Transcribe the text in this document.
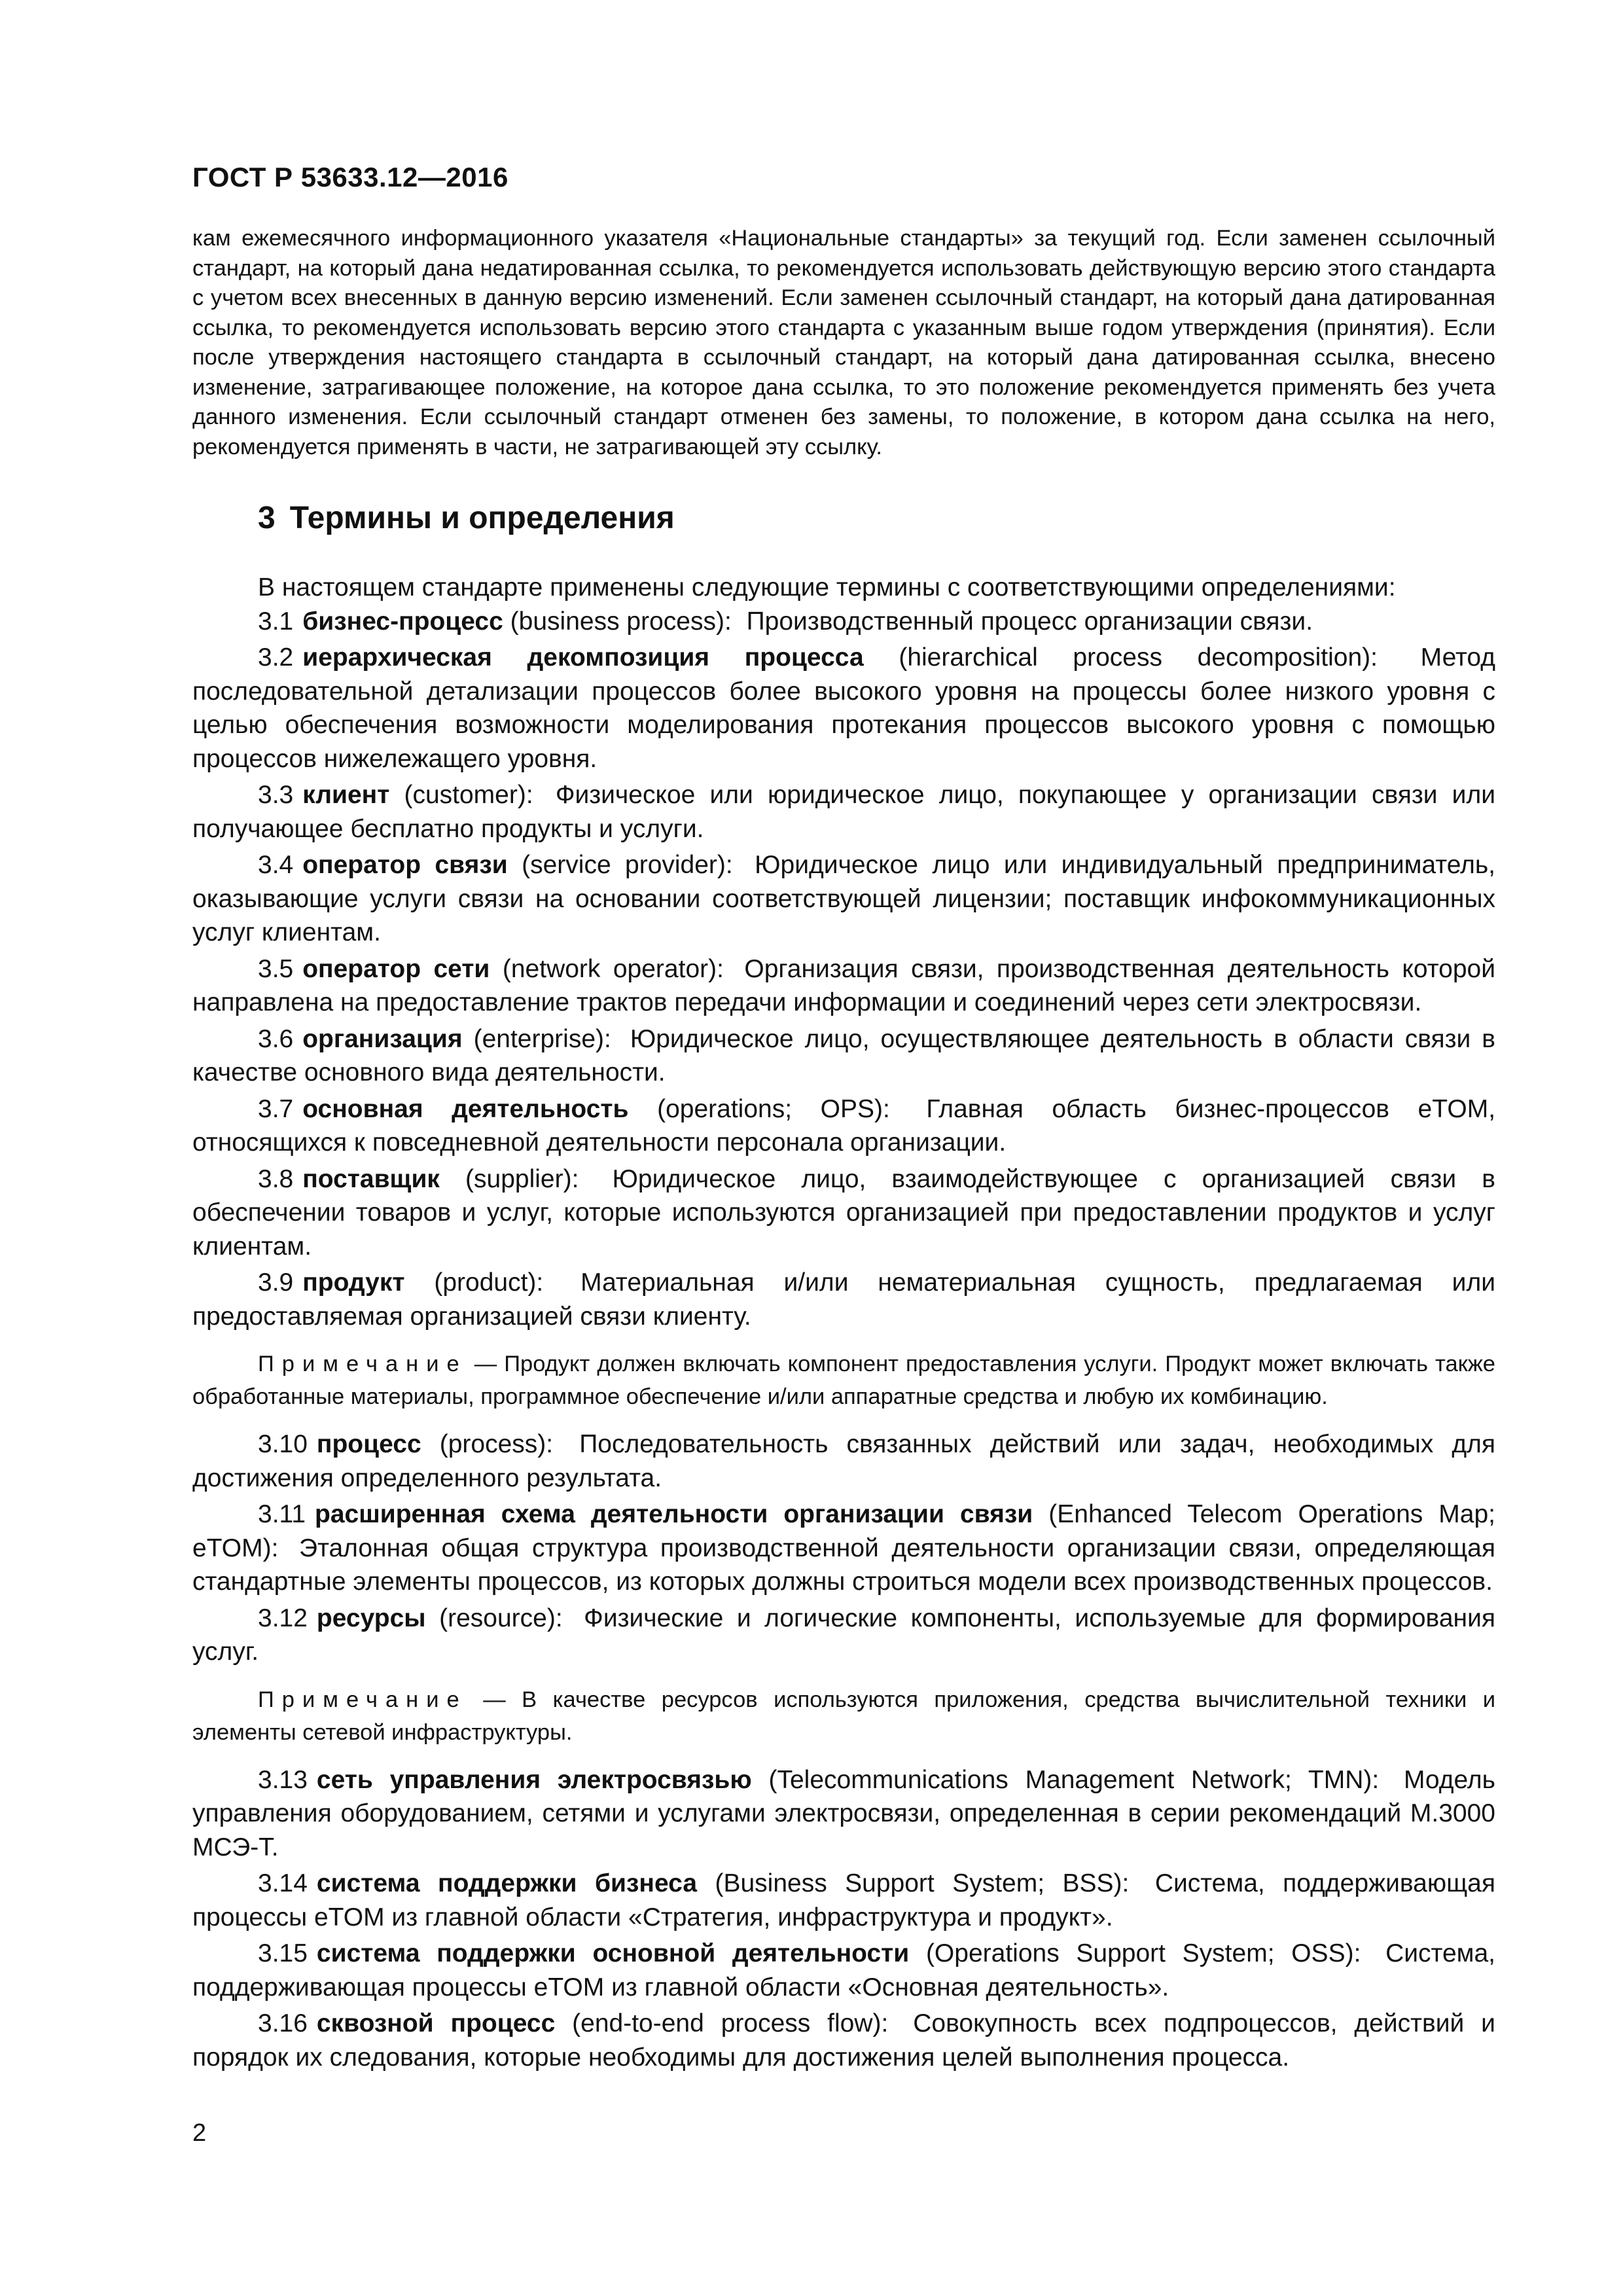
ГОСТ Р 53633.12—2016

кам ежемесячного информационного указателя «Национальные стандарты» за текущий год. Если заменен ссылочный стандарт, на который дана недатированная ссылка, то рекомендуется использовать действующую версию этого стандарта с учетом всех внесенных в данную версию изменений. Если заменен ссылочный стандарт, на который дана датированная ссылка, то рекомендуется использовать версию этого стандарта с указанным выше годом утверждения (принятия). Если после утверждения настоящего стандарта в ссылочный стандарт, на который дана датированная ссылка, внесено изменение, затрагивающее положение, на которое дана ссылка, то это положение рекомендуется применять без учета данного изменения. Если ссылочный стандарт отменен без замены, то положение, в котором дана ссылка на него, рекомендуется применять в части, не затрагивающей эту ссылку.

3 Термины и определения

В настоящем стандарте применены следующие термины с соответствующими определениями:

3.1 бизнес-процесс (business process): Производственный процесс организации связи.

3.2 иерархическая декомпозиция процесса (hierarchical process decomposition): Метод последовательной детализации процессов более высокого уровня на процессы более низкого уровня с целью обеспечения возможности моделирования протекания процессов высокого уровня с помощью процессов нижележащего уровня.

3.3 клиент (customer): Физическое или юридическое лицо, покупающее у организации связи или получающее бесплатно продукты и услуги.

3.4 оператор связи (service provider): Юридическое лицо или индивидуальный предприниматель, оказывающие услуги связи на основании соответствующей лицензии; поставщик инфокоммуникационных услуг клиентам.

3.5 оператор сети (network operator): Организация связи, производственная деятельность которой направлена на предоставление трактов передачи информации и соединений через сети электросвязи.

3.6 организация (enterprise): Юридическое лицо, осуществляющее деятельность в области связи в качестве основного вида деятельности.

3.7 основная деятельность (operations; OPS): Главная область бизнес-процессов eTOM, относящихся к повседневной деятельности персонала организации.

3.8 поставщик (supplier): Юридическое лицо, взаимодействующее с организацией связи в обеспечении товаров и услуг, которые используются организацией при предоставлении продуктов и услуг клиентам.

3.9 продукт (product): Материальная и/или нематериальная сущность, предлагаемая или предоставляемая организацией связи клиенту.

Примечание — Продукт должен включать компонент предоставления услуги. Продукт может включать также обработанные материалы, программное обеспечение и/или аппаратные средства и любую их комбинацию.

3.10 процесс (process): Последовательность связанных действий или задач, необходимых для достижения определенного результата.

3.11 расширенная схема деятельности организации связи (Enhanced Telecom Operations Map; eTOM): Эталонная общая структура производственной деятельности организации связи, определяющая стандартные элементы процессов, из которых должны строиться модели всех производственных процессов.

3.12 ресурсы (resource): Физические и логические компоненты, используемые для формирования услуг.

Примечание — В качестве ресурсов используются приложения, средства вычислительной техники и элементы сетевой инфраструктуры.

3.13 сеть управления электросвязью (Telecommunications Management Network; TMN): Модель управления оборудованием, сетями и услугами электросвязи, определенная в серии рекомендаций М.3000 МСЭ-Т.

3.14 система поддержки бизнеса (Business Support System; BSS): Система, поддерживающая процессы eTOM из главной области «Стратегия, инфраструктура и продукт».

3.15 система поддержки основной деятельности (Operations Support System; OSS): Система, поддерживающая процессы eTOM из главной области «Основная деятельность».

3.16 сквозной процесс (end-to-end process flow): Совокупность всех подпроцессов, действий и порядок их следования, которые необходимы для достижения целей выполнения процесса.

2
